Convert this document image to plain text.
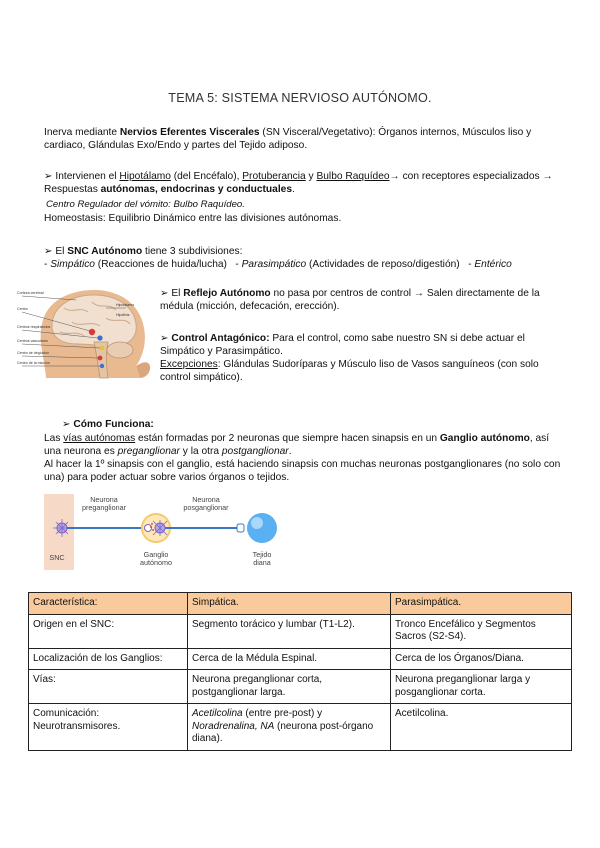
TEMA 5: SISTEMA NERVIOSO AUTÓNOMO.

Inerva mediante Nervios Eferentes Viscerales (SN Visceral/Vegetativo): Órganos internos, Músculos liso y cardiaco, Glándulas Exo/Endo y partes del Tejido adiposo.

➢ Intervienen el Hipotálamo (del Encéfalo), Protuberancia y Bulbo Raquídeo→ con receptores especializados → Respuestas autónomas, endocrinas y conductuales.

Centro Regulador del vómito: Bulbo Raquídeo.

Homeostasis: Equilibrio Dinámico entre las divisiones autónomas.

➢ El SNC Autónomo tiene 3 subdivisiones:

- Simpático (Reacciones de huida/lucha)   - Parasimpático (Actividades de reposo/digestión)   - Entérico

Corteza cerebral
Hipotálamo
Hipófisis
Centro
Centros respiratorios
Centros vasculares
Centro de deglución
Centro de la micción

➢ El Reflejo Autónomo no pasa por centros de control → Salen directamente de la médula (micción, defecación, erección).

➢ Control Antagónico: Para el control, como sabe nuestro SN si debe actuar el Simpático y Parasimpático.
Excepciones: Glándulas Sudoríparas y Músculo liso de Vasos sanguíneos (con solo control simpático).

➢ Cómo Funciona:

Las vías autónomas están formadas por 2 neuronas que siempre hacen sinapsis en un Ganglio autónomo, así una neurona es preganglionar y la otra postganglionar.
Al hacer la 1º sinapsis con el ganglio, está haciendo sinapsis con muchas neuronas postganglionares (no solo con una) para poder actuar sobre varios órganos o tejidos.

Neurona
preganglionar
Neurona
posganglionar
SNC	Ganglio
autónomo
Tejido
diana
Característica:	Simpática.	Parasimpática.
Origen en el SNC:	Segmento torácico y lumbar (T1-L2).	Tronco Encefálico y Segmentos Sacros (S2-S4).
Localización de los Ganglios:	Cerca de la Médula Espinal.	Cerca de los Órganos/Diana.
Vías:	Neurona preganglionar corta, postganglionar larga.	Neurona preganglionar larga y posganglionar corta.
Comunicación: Neurotransmisores.	Acetilcolina (entre pre-post) y Noradrenalina, NA (neurona post-órgano diana).	Acetilcolina.
